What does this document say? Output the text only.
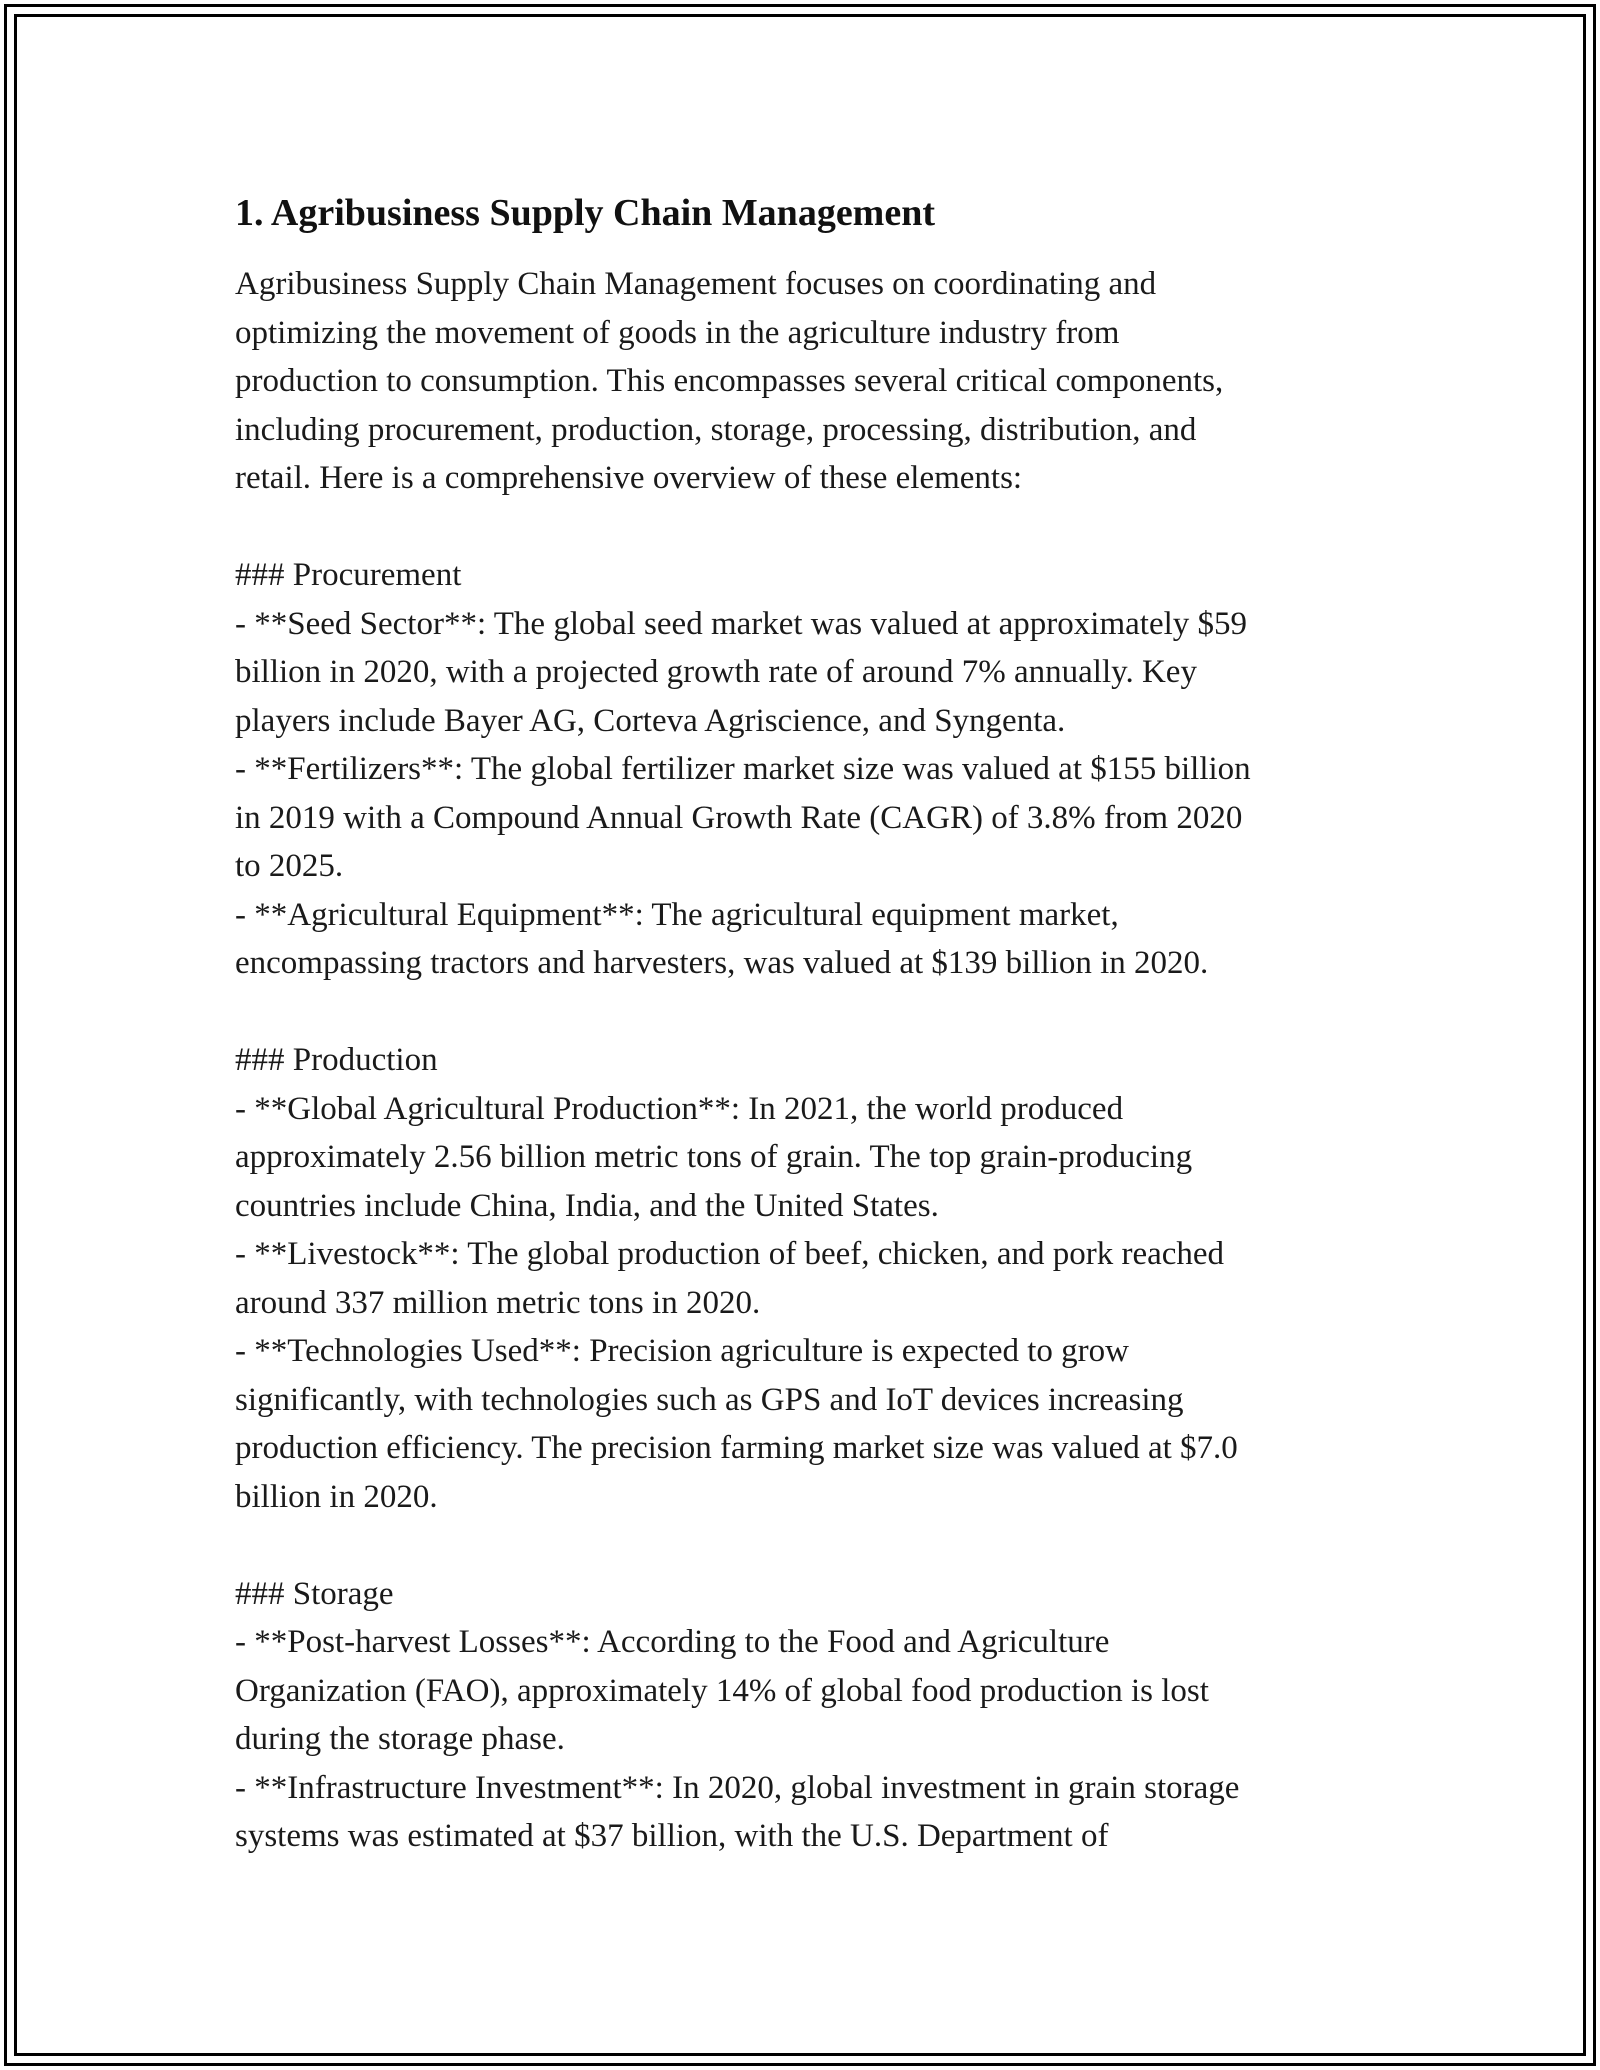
1. Agribusiness Supply Chain Management

Agribusiness Supply Chain Management focuses on coordinating and
optimizing the movement of goods in the agriculture industry from
production to consumption. This encompasses several critical components,
including procurement, production, storage, processing, distribution, and
retail. Here is a comprehensive overview of these elements:

### Procurement
- **Seed Sector**: The global seed market was valued at approximately $59
billion in 2020, with a projected growth rate of around 7% annually. Key
players include Bayer AG, Corteva Agriscience, and Syngenta.
- **Fertilizers**: The global fertilizer market size was valued at $155 billion
in 2019 with a Compound Annual Growth Rate (CAGR) of 3.8% from 2020
to 2025.
- **Agricultural Equipment**: The agricultural equipment market,
encompassing tractors and harvesters, was valued at $139 billion in 2020.

### Production
- **Global Agricultural Production**: In 2021, the world produced
approximately 2.56 billion metric tons of grain. The top grain-producing
countries include China, India, and the United States.
- **Livestock**: The global production of beef, chicken, and pork reached
around 337 million metric tons in 2020.
- **Technologies Used**: Precision agriculture is expected to grow
significantly, with technologies such as GPS and IoT devices increasing
production efficiency. The precision farming market size was valued at $7.0
billion in 2020.

### Storage
- **Post-harvest Losses**: According to the Food and Agriculture
Organization (FAO), approximately 14% of global food production is lost
during the storage phase.
- **Infrastructure Investment**: In 2020, global investment in grain storage
systems was estimated at $37 billion, with the U.S. Department of
